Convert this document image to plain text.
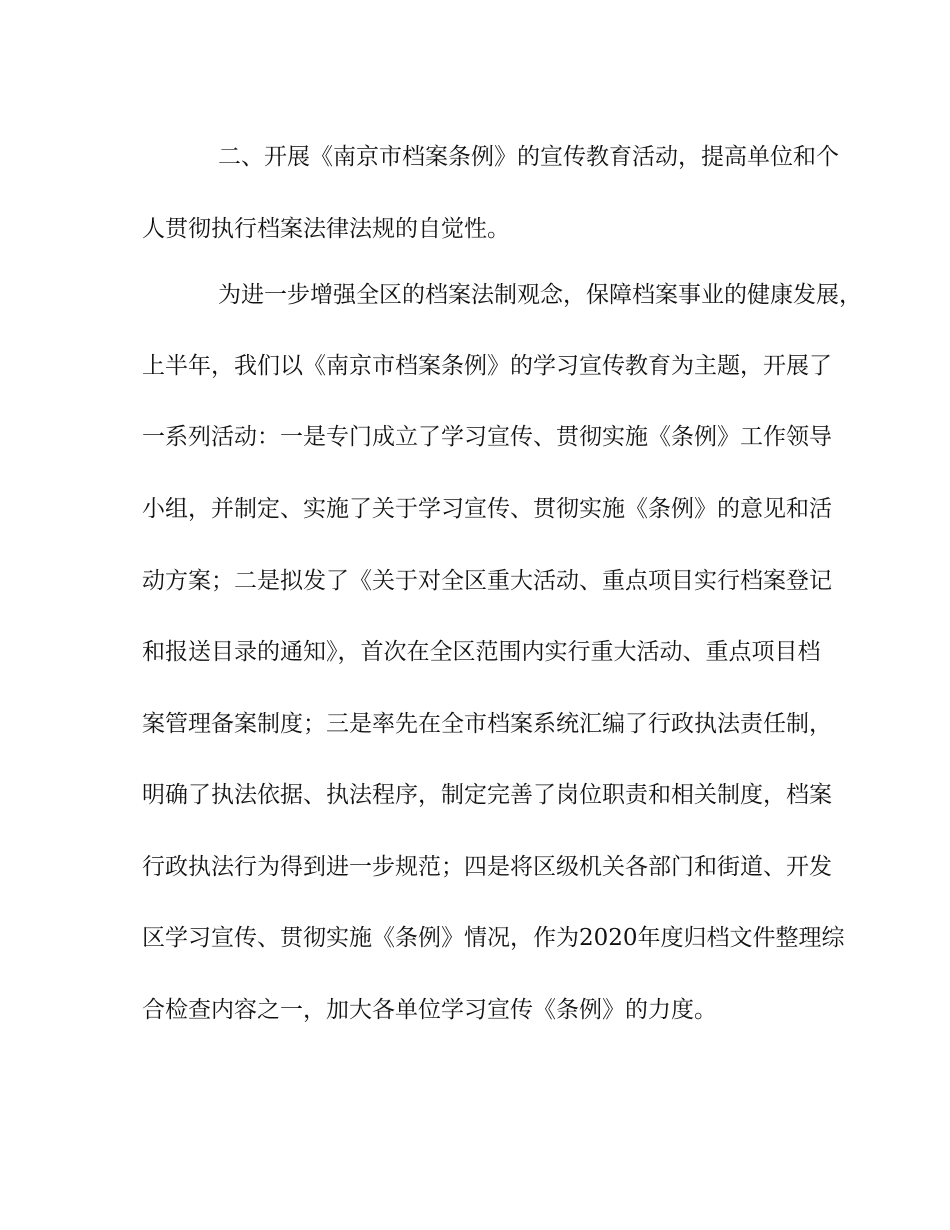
二、开展《南京市档案条例》的宣传教育活动，提高单位和个
人贯彻执行档案法律法规的自觉性。
为进一步增强全区的档案法制观念，保障档案事业的健康发展，
上半年，我们以《南京市档案条例》的学习宣传教育为主题，开展了
一系列活动：一是专门成立了学习宣传、贯彻实施《条例》工作领导
小组，并制定、实施了关于学习宣传、贯彻实施《条例》的意见和活
动方案；二是拟发了《关于对全区重大活动、重点项目实行档案登记
和报送目录的通知》，首次在全区范围内实行重大活动、重点项目档
案管理备案制度；三是率先在全市档案系统汇编了行政执法责任制，
明确了执法依据、执法程序，制定完善了岗位职责和相关制度，档案
行政执法行为得到进一步规范；四是将区级机关各部门和街道、开发
区学习宣传、贯彻实施《条例》情况，作为2020年度归档文件整理综
合检查内容之一，加大各单位学习宣传《条例》的力度。
